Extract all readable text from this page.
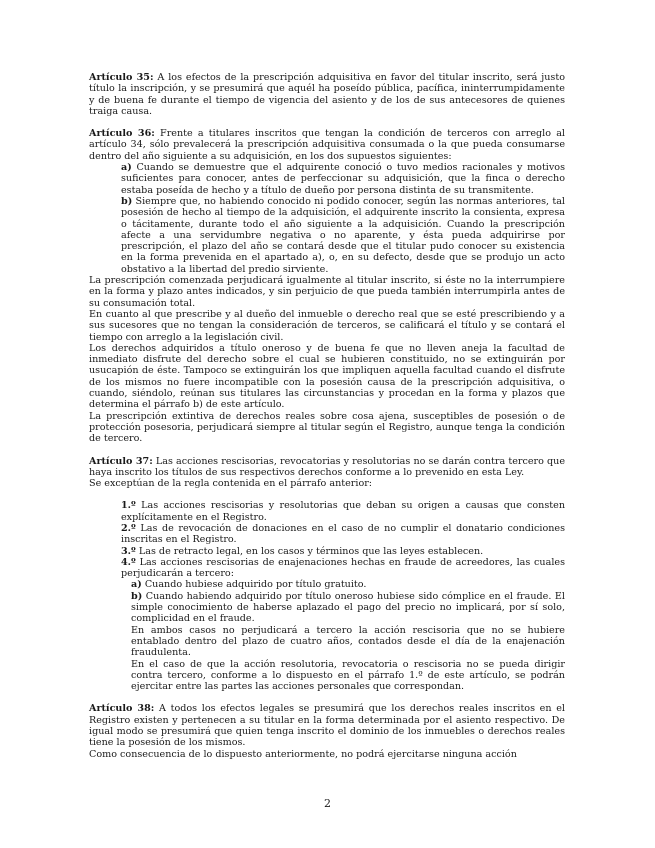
Artículo 35: A los efectos de la prescripción adquisitiva en favor del titular inscrito, será justo título la inscripción, y se presumirá que aquél ha poseído pública, pacífica, ininterrumpidamente y de buena fe durante el tiempo de vigencia del asiento y de los de sus antecesores de quienes traiga causa.

Artículo 36: Frente a titulares inscritos que tengan la condición de terceros con arreglo al artículo 34, sólo prevalecerá la prescripción adquisitiva consumada o la que pueda consumarse dentro del año siguiente a su adquisición, en los dos supuestos siguientes:

a) Cuando se demuestre que el adquirente conoció o tuvo medios racionales y motivos suficientes para conocer, antes de perfeccionar su adquisición, que la finca o derecho estaba poseída de hecho y a título de dueño por persona distinta de su transmitente.

b) Siempre que, no habiendo conocido ni podido conocer, según las normas anteriores, tal posesión de hecho al tiempo de la adquisición, el adquirente inscrito la consienta, expresa o tácitamente, durante todo el año siguiente a la adquisición. Cuando la prescripción afecte a una servidumbre negativa o no aparente, y ésta pueda adquirirse por prescripción, el plazo del año se contará desde que el titular pudo conocer su existencia en la forma prevenida en el apartado a), o, en su defecto, desde que se produjo un acto obstativo a la libertad del predio sirviente.

La prescripción comenzada perjudicará igualmente al titular inscrito, si éste no la interrumpiere en la forma y plazo antes indicados, y sin perjuicio de que pueda también interrumpirla antes de su consumación total.

En cuanto al que prescribe y al dueño del inmueble o derecho real que se esté prescribiendo y a sus sucesores que no tengan la consideración de terceros, se calificará el título y se contará el tiempo con arreglo a la legislación civil.

Los derechos adquiridos a título oneroso y de buena fe que no lleven aneja la facultad de inmediato disfrute del derecho sobre el cual se hubieren constituido, no se extinguirán por usucapión de éste. Tampoco se extinguirán los que impliquen aquella facultad cuando el disfrute de los mismos no fuere incompatible con la posesión causa de la prescripción adquisitiva, o cuando, siéndolo, reúnan sus titulares las circunstancias y procedan en la forma y plazos que determina el párrafo b) de este artículo.

La prescripción extintiva de derechos reales sobre cosa ajena, susceptibles de posesión o de protección posesoria, perjudicará siempre al titular según el Registro, aunque tenga la condición de tercero.

Artículo 37: Las acciones rescisorias, revocatorias y resolutorias no se darán contra tercero que haya inscrito los títulos de sus respectivos derechos conforme a lo prevenido en esta Ley.

Se exceptúan de la regla contenida en el párrafo anterior:

1.º Las acciones rescisorias y resolutorias que deban su origen a causas que consten explícitamente en el Registro.

2.º Las de revocación de donaciones en el caso de no cumplir el donatario condiciones inscritas en el Registro.

3.º Las de retracto legal, en los casos y términos que las leyes establecen.

4.º Las acciones rescisorias de enajenaciones hechas en fraude de acreedores, las cuales perjudicarán a tercero:

a) Cuando hubiese adquirido por título gratuito.

b) Cuando habiendo adquirido por título oneroso hubiese sido cómplice en el fraude. El simple conocimiento de haberse aplazado el pago del precio no implicará, por sí solo, complicidad en el fraude.

En ambos casos no perjudicará a tercero la acción rescisoria que no se hubiere entablado dentro del plazo de cuatro años, contados desde el día de la enajenación fraudulenta.

En el caso de que la acción resolutoria, revocatoria o rescisoria no se pueda dirigir contra tercero, conforme a lo dispuesto en el párrafo 1.º de este artículo, se podrán ejercitar entre las partes las acciones personales que correspondan.

Artículo 38: A todos los efectos legales se presumirá que los derechos reales inscritos en el Registro existen y pertenecen a su titular en la forma determinada por el asiento respectivo. De igual modo se presumirá que quien tenga inscrito el dominio de los inmuebles o derechos reales tiene la posesión de los mismos.

Como consecuencia de lo dispuesto anteriormente, no podrá ejercitarse ninguna acción

2
